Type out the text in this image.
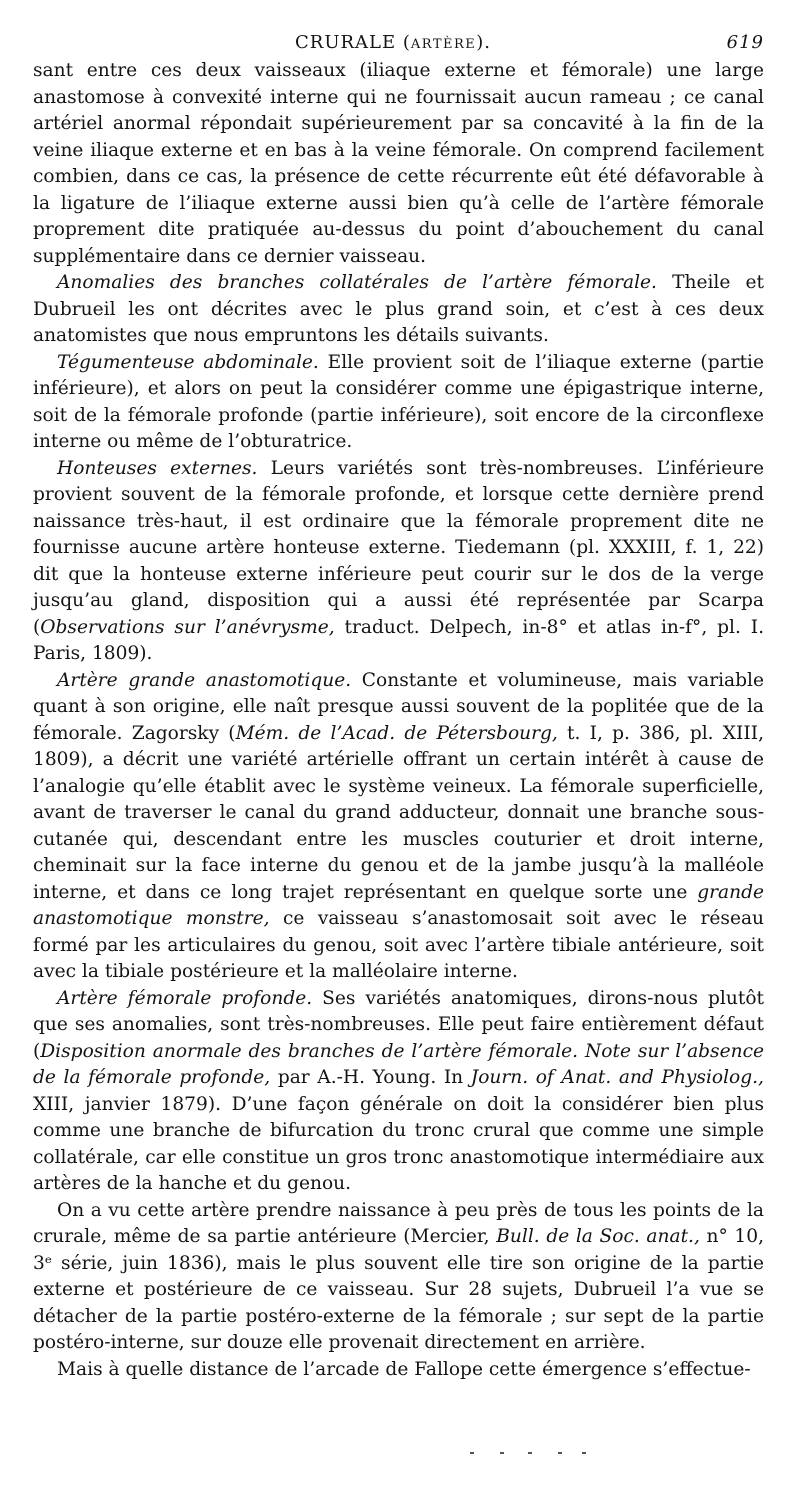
CRURALE (ARTÈRE).	619

sant entre ces deux vaisseaux (iliaque externe et fémorale) une large anastomose à convexité interne qui ne fournissait aucun rameau ; ce canal artériel anormal répondait supérieurement par sa concavité à la fin de la veine iliaque externe et en bas à la veine fémorale. On comprend facilement combien, dans ce cas, la présence de cette récurrente eût été défavorable à la ligature de l’iliaque externe aussi bien qu’à celle de l’artère fémorale proprement dite pratiquée au-dessus du point d’abouchement du canal supplémentaire dans ce dernier vaisseau.

Anomalies des branches collatérales de l’artère fémorale. Theile et Dubrueil les ont décrites avec le plus grand soin, et c’est à ces deux anatomistes que nous empruntons les détails suivants.

Tégumenteuse abdominale. Elle provient soit de l’iliaque externe (partie inférieure), et alors on peut la considérer comme une épigastrique interne, soit de la fémorale profonde (partie inférieure), soit encore de la circonflexe interne ou même de l’obturatrice.

Honteuses externes. Leurs variétés sont très-nombreuses. L’inférieure provient souvent de la fémorale profonde, et lorsque cette dernière prend naissance très-haut, il est ordinaire que la fémorale proprement dite ne fournisse aucune artère honteuse externe. Tiedemann (pl. XXXIII, f. 1, 22) dit que la honteuse externe inférieure peut courir sur le dos de la verge jusqu’au gland, disposition qui a aussi été représentée par Scarpa (Observations sur l’anévrysme, traduct. Delpech, in-8° et atlas in-f°, pl. I. Paris, 1809).

Artère grande anastomotique. Constante et volumineuse, mais variable quant à son origine, elle naît presque aussi souvent de la poplitée que de la fémorale. Zagorsky (Mém. de l’Acad. de Pétersbourg, t. I, p. 386, pl. XIII, 1809), a décrit une variété artérielle offrant un certain intérêt à cause de l’analogie qu’elle établit avec le système veineux. La fémorale superficielle, avant de traverser le canal du grand adducteur, donnait une branche sous-cutanée qui, descendant entre les muscles couturier et droit interne, cheminait sur la face interne du genou et de la jambe jusqu’à la malléole interne, et dans ce long trajet représentant en quelque sorte une grande anastomotique monstre, ce vaisseau s’anastomosait soit avec le réseau formé par les articulaires du genou, soit avec l’artère tibiale antérieure, soit avec la tibiale postérieure et la malléolaire interne.

Artère fémorale profonde. Ses variétés anatomiques, dirons-nous plutôt que ses anomalies, sont très-nombreuses. Elle peut faire entièrement défaut (Disposition anormale des branches de l’artère fémorale. Note sur l’absence de la fémorale profonde, par A.-H. Young. In Journ. of Anat. and Physiolog., XIII, janvier 1879). D’une façon générale on doit la considérer bien plus comme une branche de bifurcation du tronc crural que comme une simple collatérale, car elle constitue un gros tronc anastomotique intermédiaire aux artères de la hanche et du genou.

On a vu cette artère prendre naissance à peu près de tous les points de la crurale, même de sa partie antérieure (Mercier, Bull. de la Soc. anat., n° 10, 3ᵉ série, juin 1836), mais le plus souvent elle tire son origine de la partie externe et postérieure de ce vaisseau. Sur 28 sujets, Dubrueil l’a vue se détacher de la partie postéro-externe de la fémorale ; sur sept de la partie postéro-interne, sur douze elle provenait directement en arrière.

Mais à quelle distance de l’arcade de Fallope cette émergence s’effectue-
